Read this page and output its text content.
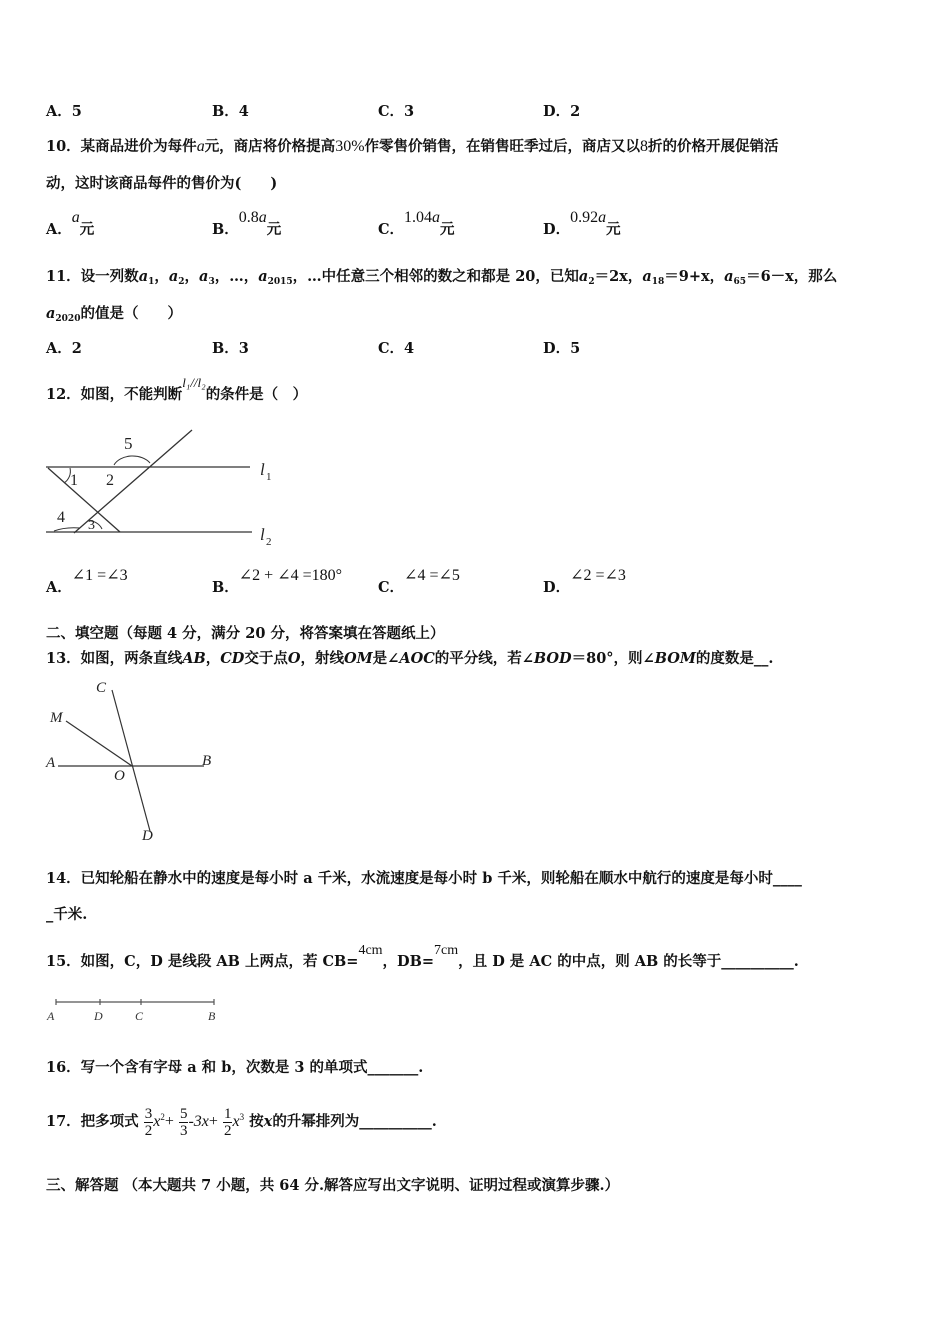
A．5	B．4	C．3	D．2
10．某商品进价为每件a元，商店将价格提高30%作零售价销售，在销售旺季过后，商店又以8折的价格开展促销活
动，这时该商品每件的售价为(　　)
A．a元	B．0.8a元	C．1.04a元	D．0.92a元
11．设一列数$a_1$，$a_2$，$a_3$，…，$a_{2015}$，…中任意三个相邻的数之和都是 20，已知$a_2=2x$，$a_{18}=9+x$，$a_{65}=6-x$，那么
$a_{2020}$的值是（　　）
A．2	B．3	C．4	D．5
12．如图，不能判断l₁//l₂的条件是（　）
5
1 2
4 3
l 1
l 2
A．∠1 =∠3
B．∠2 + ∠4 =180°
C．∠4 =∠5
D．∠2 =∠3
二、填空题（每题 4 分，满分 20 分，将答案填在答题纸上）
13．如图，两条直线AB，CD交于点O，射线OM是∠AOC的平分线，若∠BOD＝80°，则∠BOM的度数是__.
C
M
A
O
B
D
14．已知轮船在静水中的速度是每小时 a 千米，水流速度是每小时 b 千米，则轮船在顺水中航行的速度是每小时____
_千米.
15．如图，C，D 是线段 AB 上两点，若 CB=4cm，DB=7cm，且 D 是 AC 的中点，则 AB 的长等于__________.
A	D	C	B
16．写一个含有字母 a 和 b，次数是 3 的单项式_______.
17．把多项式 $\frac{3}{2} x^2+ \frac{5}{3} -3x+ \frac{1}{2} x^3$ 按x的升幂排列为__________.
三、解答题 （本大题共 7 小题，共 64 分.解答应写出文字说明、证明过程或演算步骤.）
